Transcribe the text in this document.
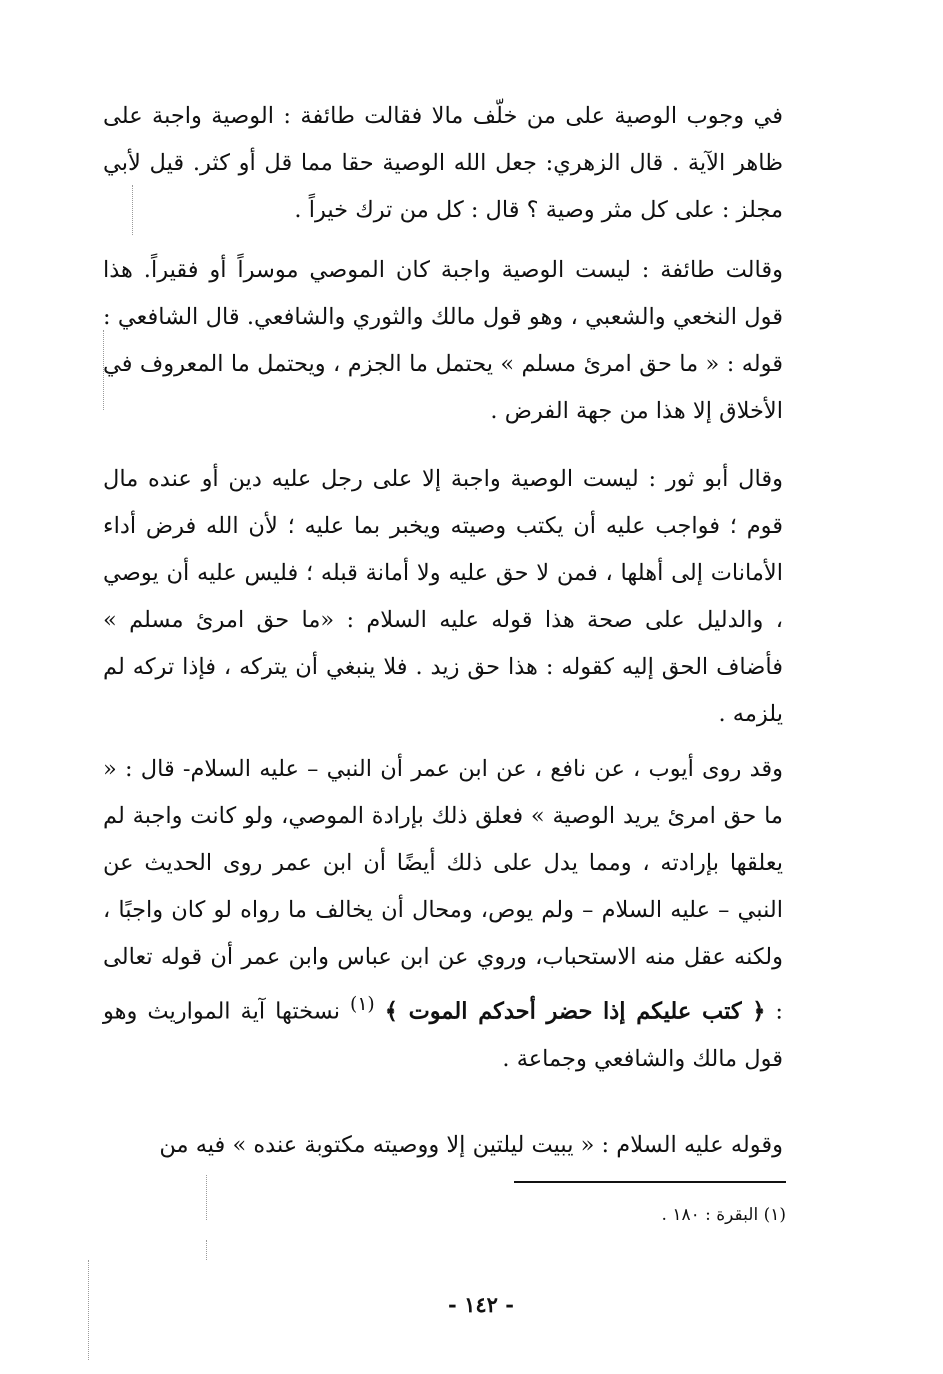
في وجوب الوصية على من خلّف مالا فقالت طائفة : الوصية واجبة على ظاهر الآية . قال الزهري: جعل الله الوصية حقا مما قل أو كثر. قيل لأبي مجلز : على كل مثر وصية ؟ قال : كل من ترك خيراً .

وقالت طائفة : ليست الوصية واجبة كان الموصي موسراً أو فقيراً. هذا قول النخعي والشعبي ، وهو قول مالك والثوري والشافعي. قال الشافعي : قوله : « ما حق امرئ مسلم » يحتمل ما الجزم ، ويحتمل ما المعروف في الأخلاق إلا هذا من جهة الفرض .

وقال أبو ثور : ليست الوصية واجبة إلا على رجل عليه دين أو عنده مال قوم ؛ فواجب عليه أن يكتب وصيته ويخبر بما عليه ؛ لأن الله فرض أداء الأمانات إلى أهلها ، فمن لا حق عليه ولا أمانة قبله ؛ فليس عليه أن يوصي ، والدليل على صحة هذا قوله عليه السلام : «ما حق امرئ مسلم » فأضاف الحق إليه كقوله : هذا حق زيد . فلا ينبغي أن يتركه ، فإذا تركه لم يلزمه .

وقد روى أيوب ، عن نافع ، عن ابن عمر أن النبي – عليه السلام- قال : « ما حق امرئ يريد الوصية » فعلق ذلك بإرادة الموصي، ولو كانت واجبة لم يعلقها بإرادته ، ومما يدل على ذلك أيضًا أن ابن عمر روى الحديث عن النبي – عليه السلام – ولم يوص، ومحال أن يخالف ما رواه لو كان واجبًا ، ولكنه عقل منه الاستحباب، وروي عن ابن عباس وابن عمر أن قوله تعالى : ﴿ كتب عليكم إذا حضر أحدكم الموت ﴾ $^{(١)}$ نسختها آية المواريث وهو قول مالك والشافعي وجماعة .

وقوله عليه السلام : « يبيت ليلتين إلا ووصيته مكتوبة عنده » فيه من

(١) البقرة : ١٨٠ .
- ١٤٢ -
